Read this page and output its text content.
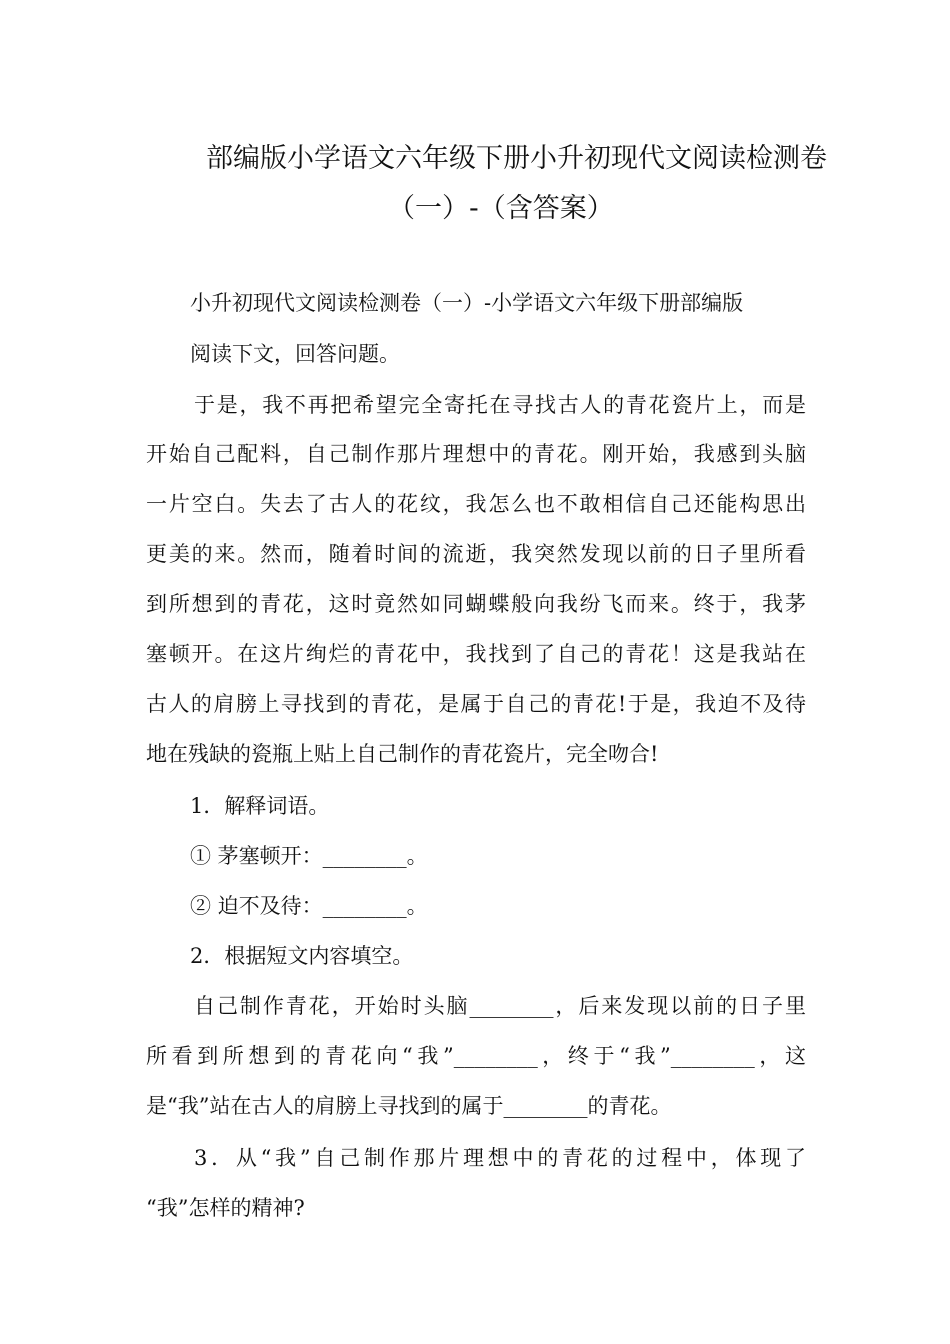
部编版小学语文六年级下册小升初现代文阅读检测卷
（一）-（含答案）
小升初现代文阅读检测卷（一）-小学语文六年级下册部编版
阅读下文，回答问题。
于是，我不再把希望完全寄托在寻找古人的青花瓷片上，而是
开始自己配料，自己制作那片理想中的青花。刚开始，我感到头脑
一片空白。失去了古人的花纹，我怎么也不敢相信自己还能构思出
更美的来。然而，随着时间的流逝，我突然发现以前的日子里所看
到所想到的青花，这时竟然如同蝴蝶般向我纷飞而来。终于，我茅
塞顿开。在这片绚烂的青花中，我找到了自己的青花！这是我站在
古人的肩膀上寻找到的青花，是属于自己的青花!于是，我迫不及待
地在残缺的瓷瓶上贴上自己制作的青花瓷片，完全吻合!
1．解释词语。
① 茅塞顿开：________。
② 迫不及待：________。
2．根据短文内容填空。
自己制作青花，开始时头脑________，后来发现以前的日子里
所看到所想到的青花向“我”________，终于“我”________，这
是“我”站在古人的肩膀上寻找到的属于________的青花。
3．从“我”自己制作那片理想中的青花的过程中，体现了
“我”怎样的精神?
